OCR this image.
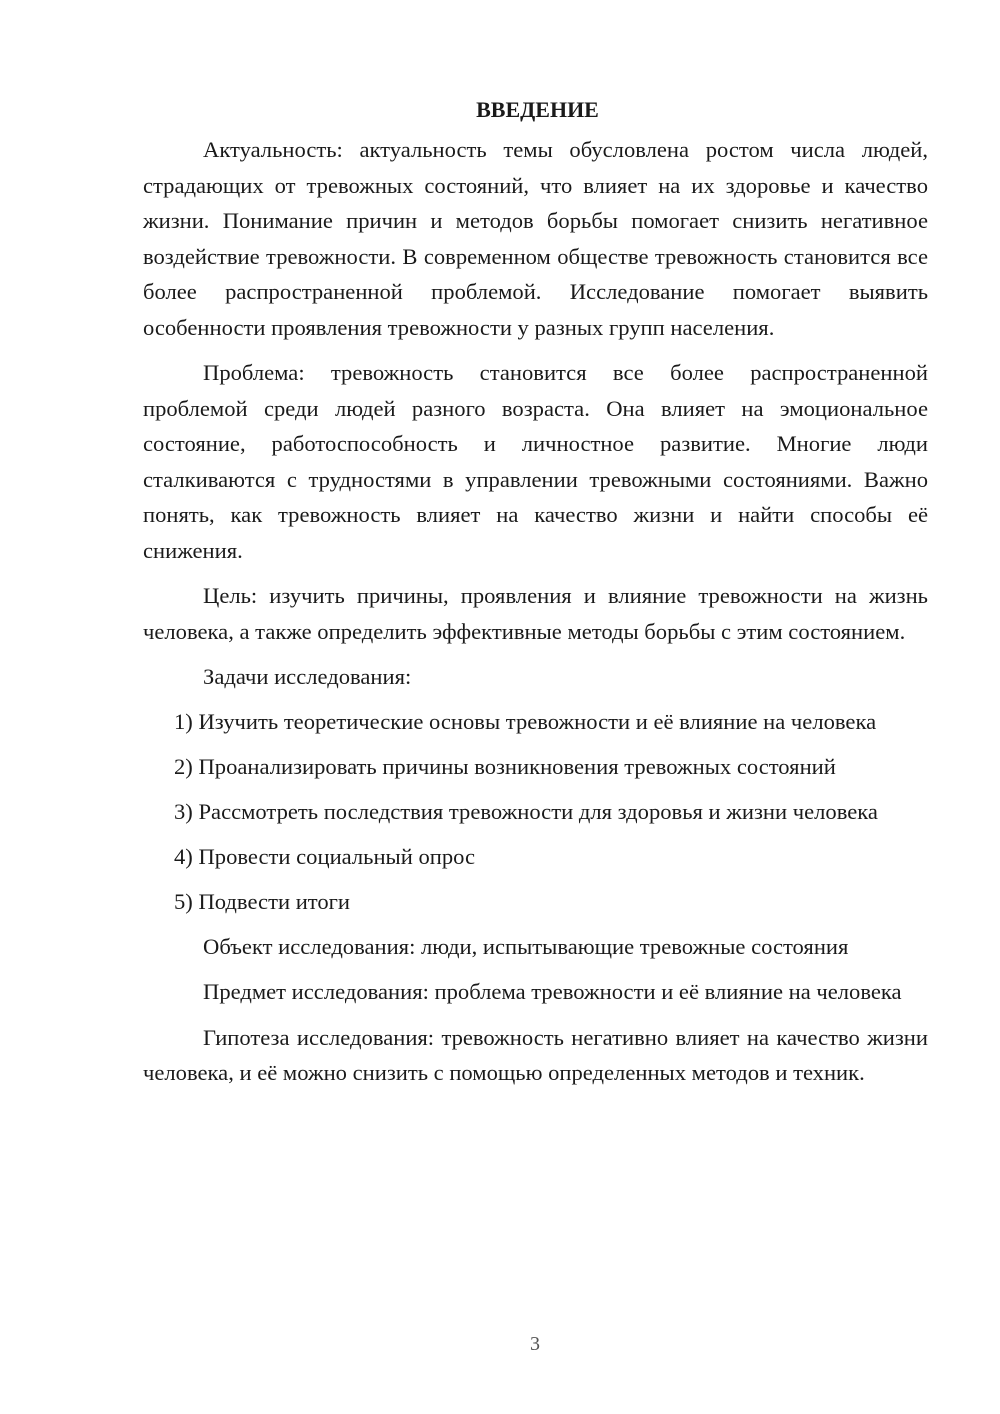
ВВЕДЕНИЕ

Актуальность: актуальность темы обусловлена ростом числа людей, страдающих от тревожных состояний, что влияет на их здоровье и качество жизни. Понимание причин и методов борьбы помогает снизить негативное воздействие тревожности. В современном обществе тревожность становится все более распространенной проблемой. Исследование помогает выявить особенности проявления тревожности у разных групп населения.

Проблема: тревожность становится все более распространенной проблемой среди людей разного возраста. Она влияет на эмоциональное состояние, работоспособность и личностное развитие. Многие люди сталкиваются с трудностями в управлении тревожными состояниями. Важно понять, как тревожность влияет на качество жизни и найти способы её снижения.

Цель: изучить причины, проявления и влияние тревожности на жизнь человека, а также определить эффективные методы борьбы с этим состоянием.

Задачи исследования:

1) Изучить теоретические основы тревожности и её влияние на человека

2) Проанализировать причины возникновения тревожных состояний

3) Рассмотреть последствия тревожности для здоровья и жизни человека

4) Провести социальный опрос

5) Подвести итоги

Объект исследования: люди, испытывающие тревожные состояния

Предмет исследования: проблема тревожности и её влияние на человека

Гипотеза исследования: тревожность негативно влияет на качество жизни человека, и её можно снизить с помощью определенных методов и техник.

3
